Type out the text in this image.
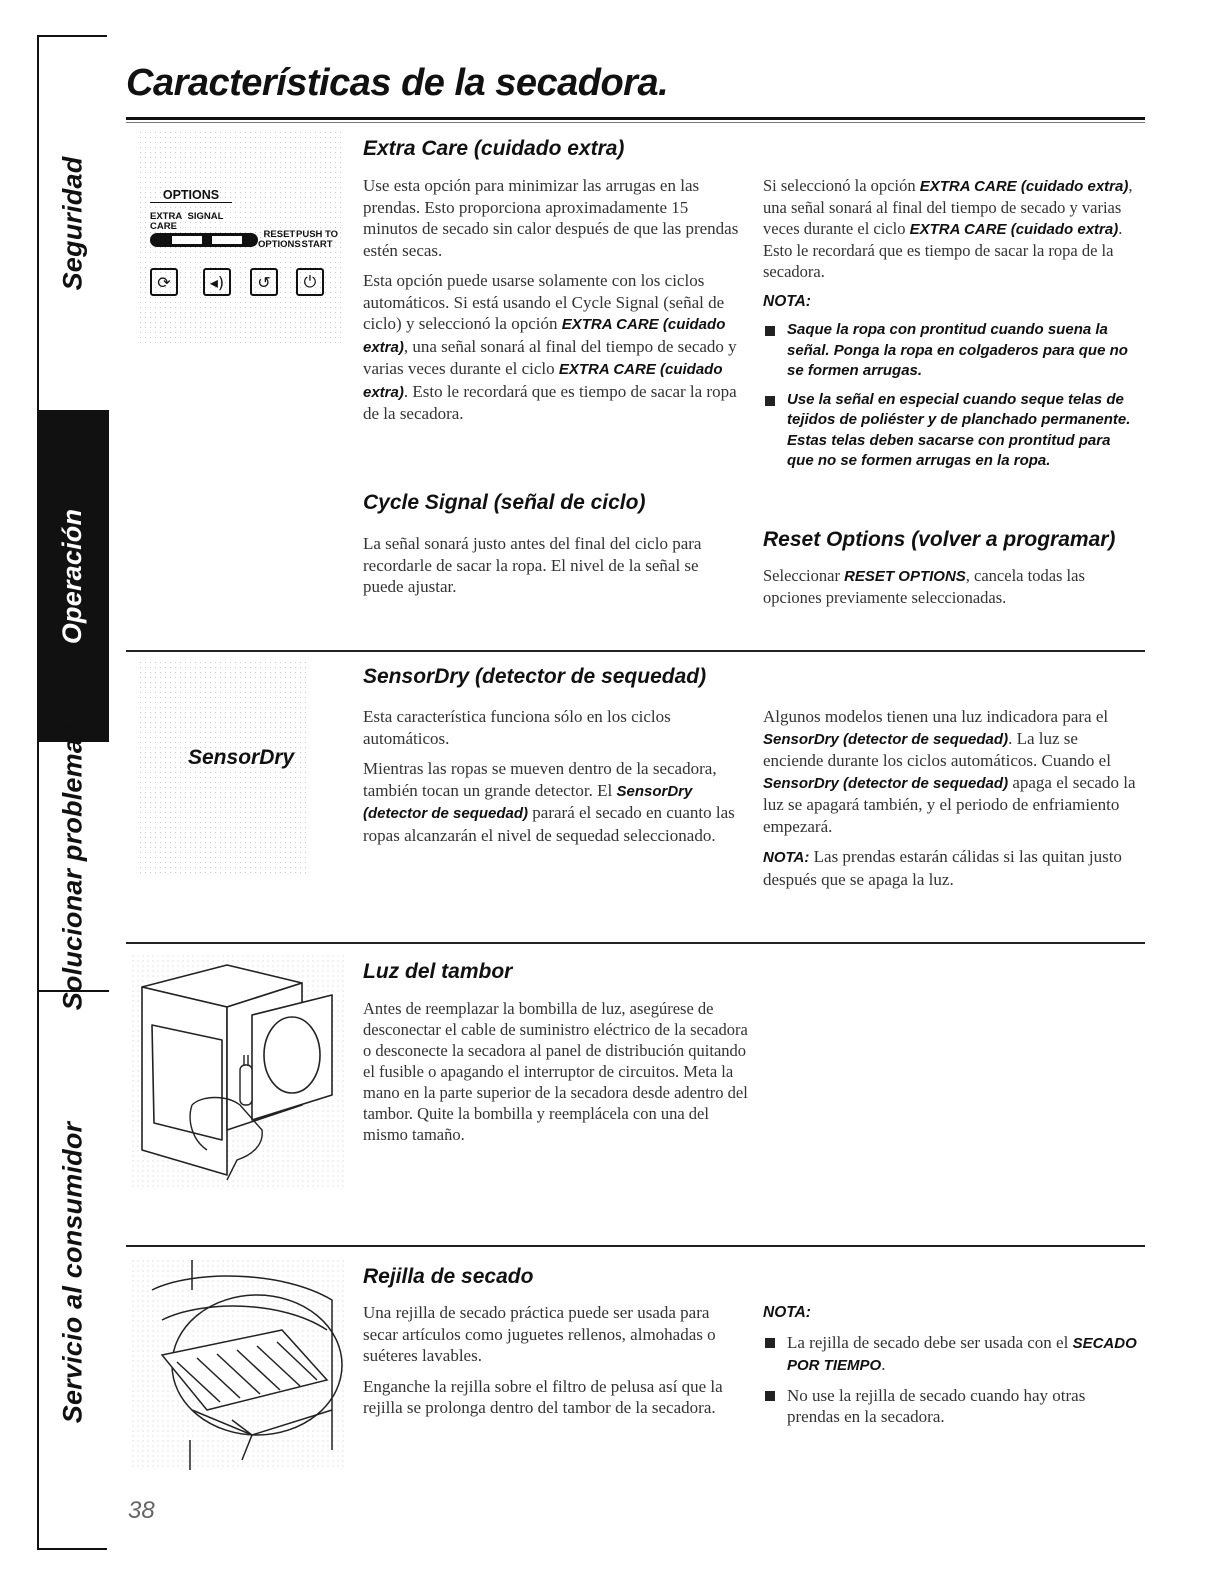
Seguridad
Operación
Solucionar problemas
Servicio al consumidor
Características de la secadora.
OPTIONS
EXTRA SIGNAL
CARE
RESET
OPTIONS
PUSH TO
START
⟳	◂)	↺	⏻
Extra Care (cuidado extra)

Use esta opción para minimizar las arrugas en las prendas. Esto proporciona aproximadamente 15 minutos de secado sin calor después de que las prendas estén secas.

Esta opción puede usarse solamente con los ciclos automáticos. Si está usando el Cycle Signal (señal de ciclo) y seleccionó la opción EXTRA CARE (cuidado extra), una señal sonará al final del tiempo de secado y varias veces durante el ciclo EXTRA CARE (cuidado extra). Esto le recordará que es tiempo de sacar la ropa de la secadora.

Cycle Signal (señal de ciclo)

La señal sonará justo antes del final del ciclo para recordarle de sacar la ropa. El nivel de la señal se puede ajustar.

Si seleccionó la opción EXTRA CARE (cuidado extra), una señal sonará al final del tiempo de secado y varias veces durante el ciclo EXTRA CARE (cuidado extra). Esto le recordará que es tiempo de sacar la ropa de la secadora.

NOTA:
Saque la ropa con prontitud cuando suena la señal. Ponga la ropa en colgaderos para que no se formen arrugas.
Use la señal en especial cuando seque telas de tejidos de poliéster y de planchado permanente. Estas telas deben sacarse con prontitud para que no se formen arrugas en la ropa.
Reset Options (volver a programar)

Seleccionar RESET OPTIONS, cancela todas las opciones previamente seleccionadas.

SensorDry
SensorDry (detector de sequedad)

Esta característica funciona sólo en los ciclos automáticos.

Mientras las ropas se mueven dentro de la secadora, también tocan un grande detector. El SensorDry (detector de sequedad) parará el secado en cuanto las ropas alcanzarán el nivel de sequedad seleccionado.

Algunos modelos tienen una luz indicadora para el SensorDry (detector de sequedad). La luz se enciende durante los ciclos automáticos. Cuando el SensorDry (detector de sequedad) apaga el secado la luz se apagará también, y el periodo de enfriamiento empezará.

NOTA: Las prendas estarán cálidas si las quitan justo después que se apaga la luz.

Luz del tambor

Antes de reemplazar la bombilla de luz, asegúrese de desconectar el cable de suministro eléctrico de la secadora o desconecte la secadora al panel de distribución quitando el fusible o apagando el interruptor de circuitos. Meta la mano en la parte superior de la secadora desde adentro del tambor. Quite la bombilla y reemplácela con una del mismo tamaño.

Rejilla de secado

Una rejilla de secado práctica puede ser usada para secar artículos como juguetes rellenos, almohadas o suéteres lavables.

Enganche la rejilla sobre el filtro de pelusa así que la rejilla se prolonga dentro del tambor de la secadora.

NOTA:
La rejilla de secado debe ser usada con el SECADO POR TIEMPO.
No use la rejilla de secado cuando hay otras prendas en la secadora.
38
